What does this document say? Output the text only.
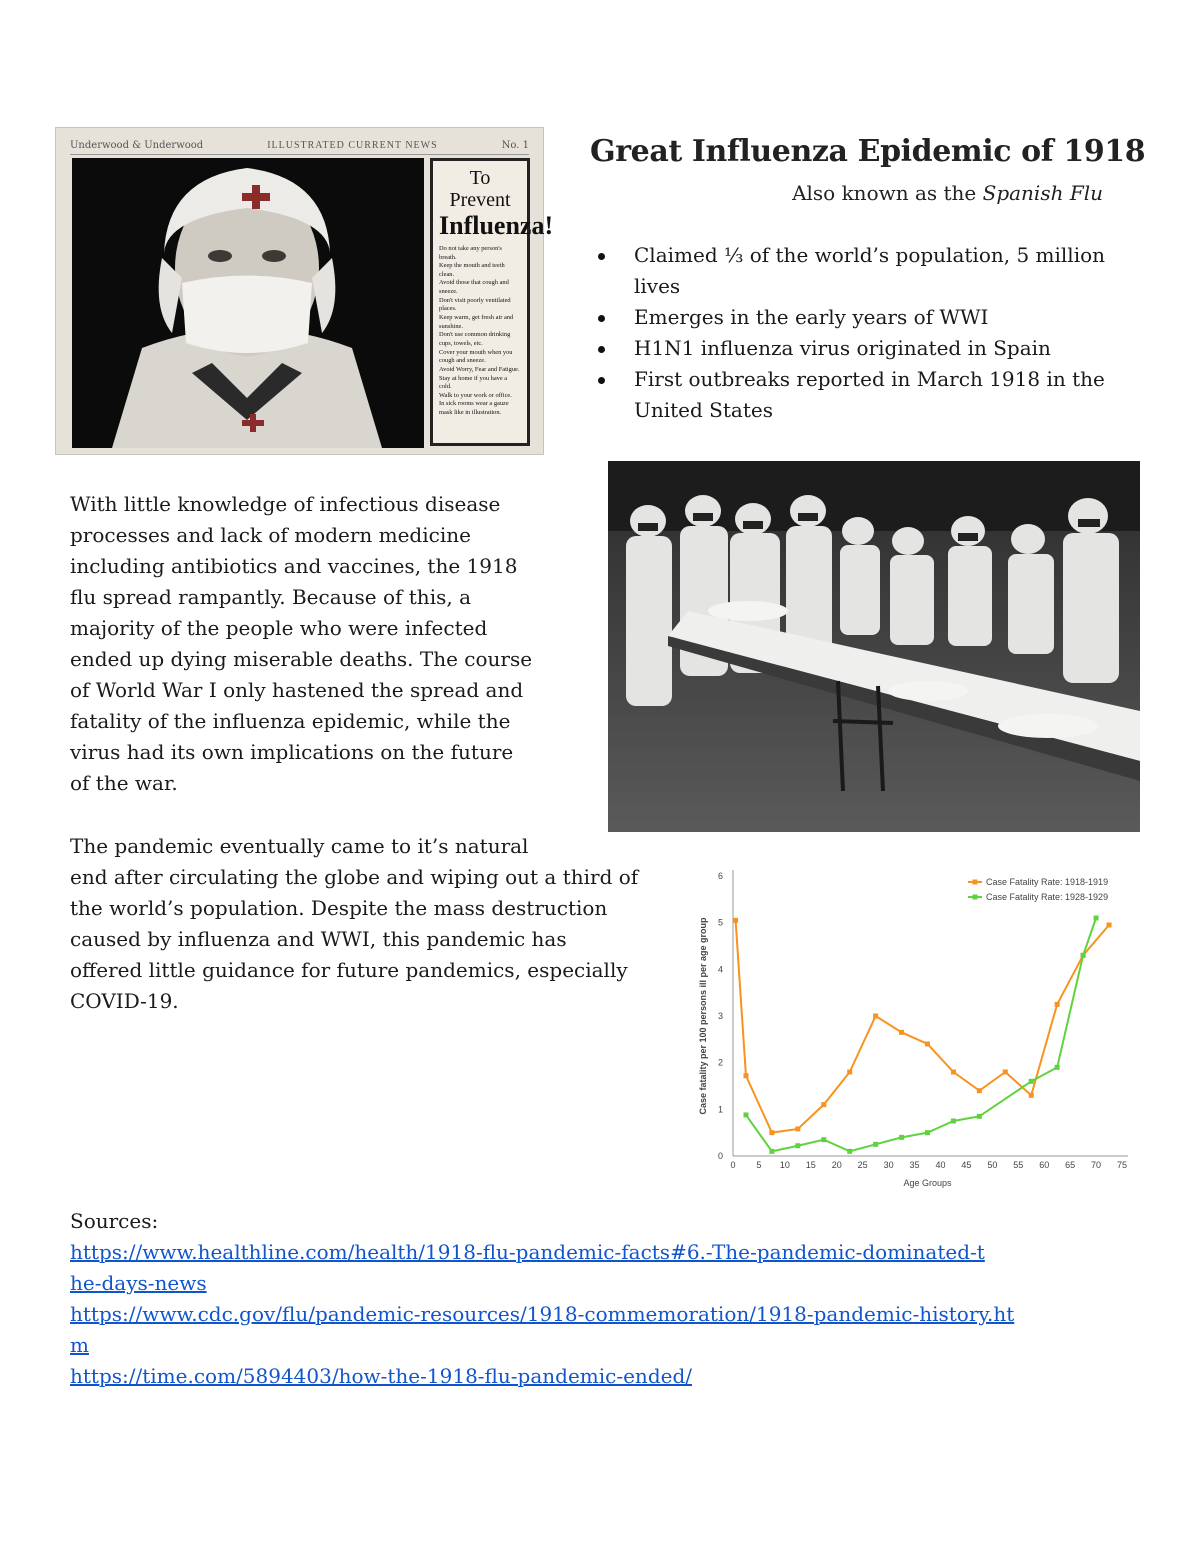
Underwood & Underwood	ILLUSTRATED CURRENT NEWS	No. 1
To Prevent
Influenza!
Do not take any person's breath.
Keep the mouth and teeth clean.
Avoid those that cough and sneeze.
Don't visit poorly ventilated places.
Keep warm, get fresh air and sunshine.
Don't use common drinking cups, towels, etc.
Cover your mouth when you cough and sneeze.
Avoid Worry, Fear and Fatigue.
Stay at home if you have a cold.
Walk to your work or office.
In sick rooms wear a gauze mask like in illustration.
Great Influenza Epidemic of 1918
Also known as the Spanish Flu
Claimed ⅓ of the world’s population, 5 million lives
Emerges in the early years of WWI
H1N1 influenza virus originated in Spain
First outbreaks reported in March 1918 in the United States
With little knowledge of infectious disease
processes and lack of modern medicine
including antibiotics and vaccines, the 1918
flu spread rampantly. Because of this, a
majority of the people who were infected
ended up dying miserable deaths. The course
of World War I only hastened the spread and
fatality of the influenza epidemic, while the
virus had its own implications on the future
of the war.
The pandemic eventually came to it’s natural
end after circulating the globe and wiping out a third of
the world’s population. Despite the mass destruction
caused by influenza and WWI, this pandemic has
offered little guidance for future pandemics, especially
COVID-19.
0
1
2
3
4
5
6
0 5 10 15 20 25 30 35 40 45 50 55 60 65 70 75
Age Groups
Case fatality per 100 persons ill per age group
Case Fatality Rate: 1918-1919
Case Fatality Rate: 1928-1929
Sources:
https://www.healthline.com/health/1918-flu-pandemic-facts#6.-The-pandemic-dominated-t
he-days-news
https://www.cdc.gov/flu/pandemic-resources/1918-commemoration/1918-pandemic-history.ht
m
https://time.com/5894403/how-the-1918-flu-pandemic-ended/
